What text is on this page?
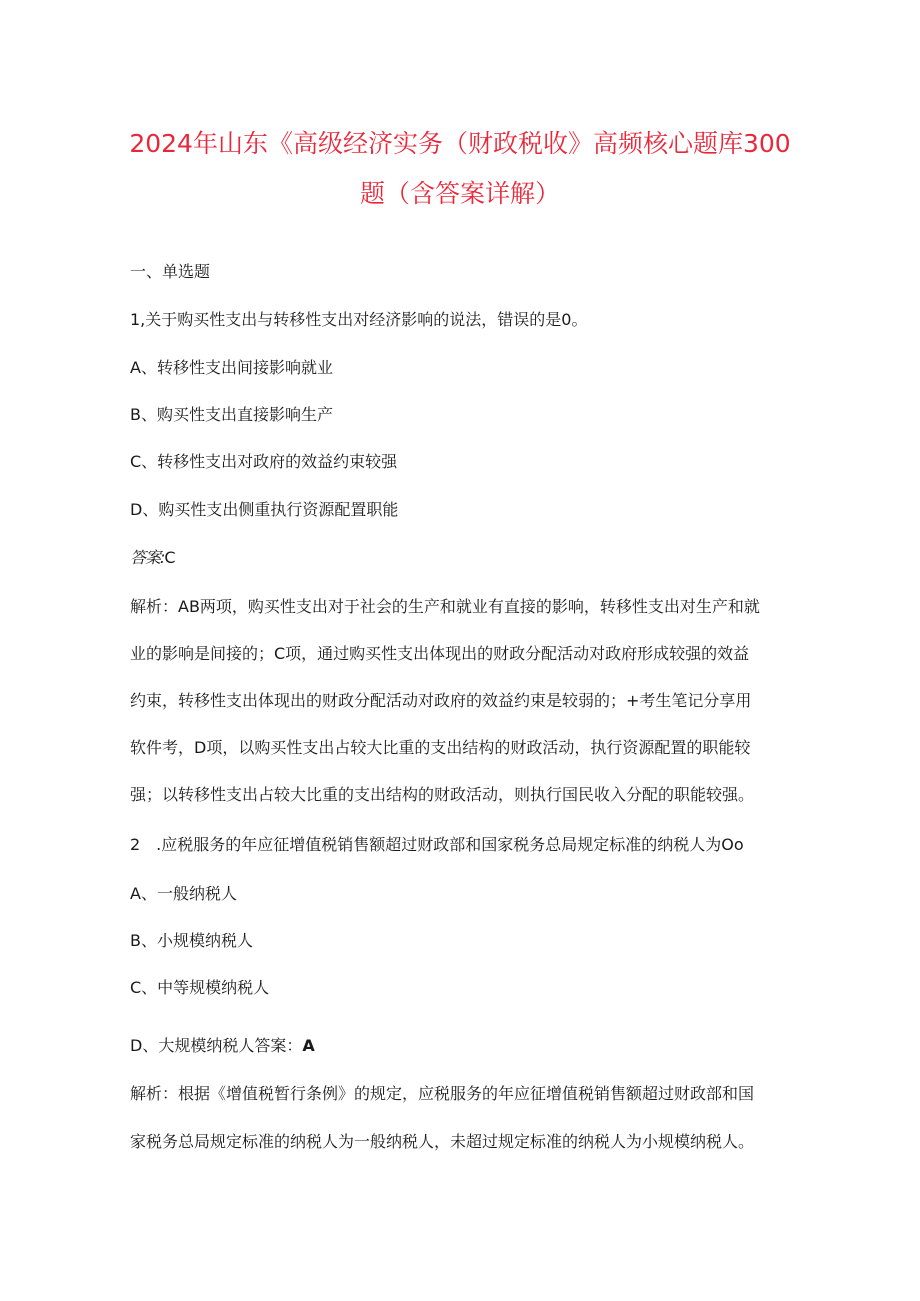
2024年山东《高级经济实务（财政税收》高频核心题库300
题（含答案详解）

一、单选题

1,关于购买性支出与转移性支出对经济影响的说法，错误的是0。

A、转移性支出间接影响就业

B、购买性支出直接影响生产

C、转移性支出对政府的效益约束较强

D、购买性支出侧重执行资源配置职能

答案:C

解析：AB两项，购买性支出对于社会的生产和就业有直接的影响，转移性支出对生产和就

业的影响是间接的；C项，通过购买性支出体现出的财政分配活动对政府形成较强的效益

约束，转移性支出体现出的财政分配活动对政府的效益约束是较弱的；+考生笔记分享用

软件考，D项，以购买性支出占较大比重的支出结构的财政活动，执行资源配置的职能较

强；以转移性支出占较大比重的支出结构的财政活动，则执行国民收入分配的职能较强。

2　.应税服务的年应征增值税销售额超过财政部和国家税务总局规定标准的纳税人为Oo

A、一般纳税人

B、小规模纳税人

C、中等规模纳税人

D、大规模纳税人答案：A

解析：根据《增值税暂行条例》的规定，应税服务的年应征增值税销售额超过财政部和国

家税务总局规定标准的纳税人为一般纳税人，未超过规定标准的纳税人为小规模纳税人。
